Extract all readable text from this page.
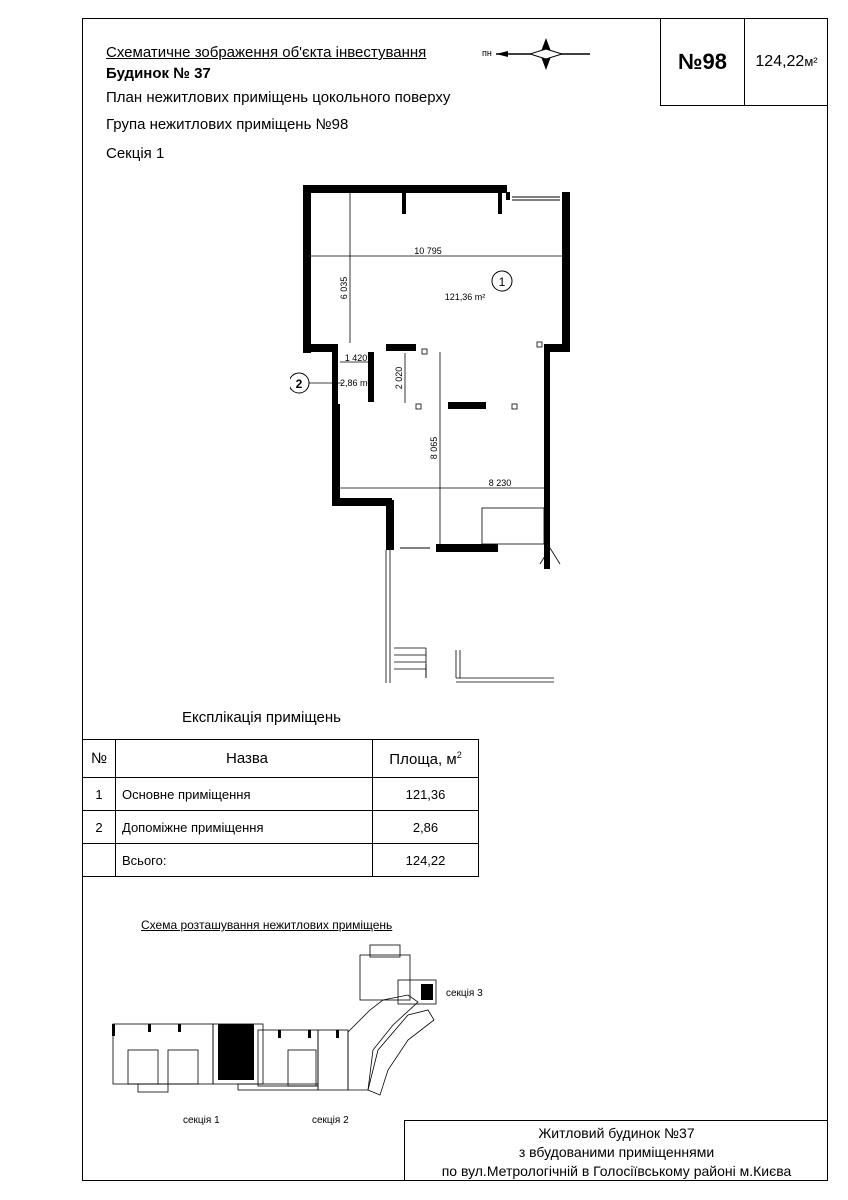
Схематичне зображення об'єкта інвестування
Будинок № 37
План нежитлових приміщень цокольного поверху
Група нежитлових приміщень №98
Секція 1
пн	№98	124,22 м²
1
121,36 m²
2	2,86 m²
10 795
6 035
1 420
2 020
8 065
8 230
Експлікація приміщень
№	Назва	Площа, $м^2$
1	Основне приміщення	121,36
2	Допоміжне приміщення	2,86
	Всього:	124,22
Схема розташування нежитлових приміщень
секція 1	секція 2
секція 3
Житловий будинок №37
з вбудованими приміщеннями
по вул.Метрологічній в Голосіївському районі м.Києва
